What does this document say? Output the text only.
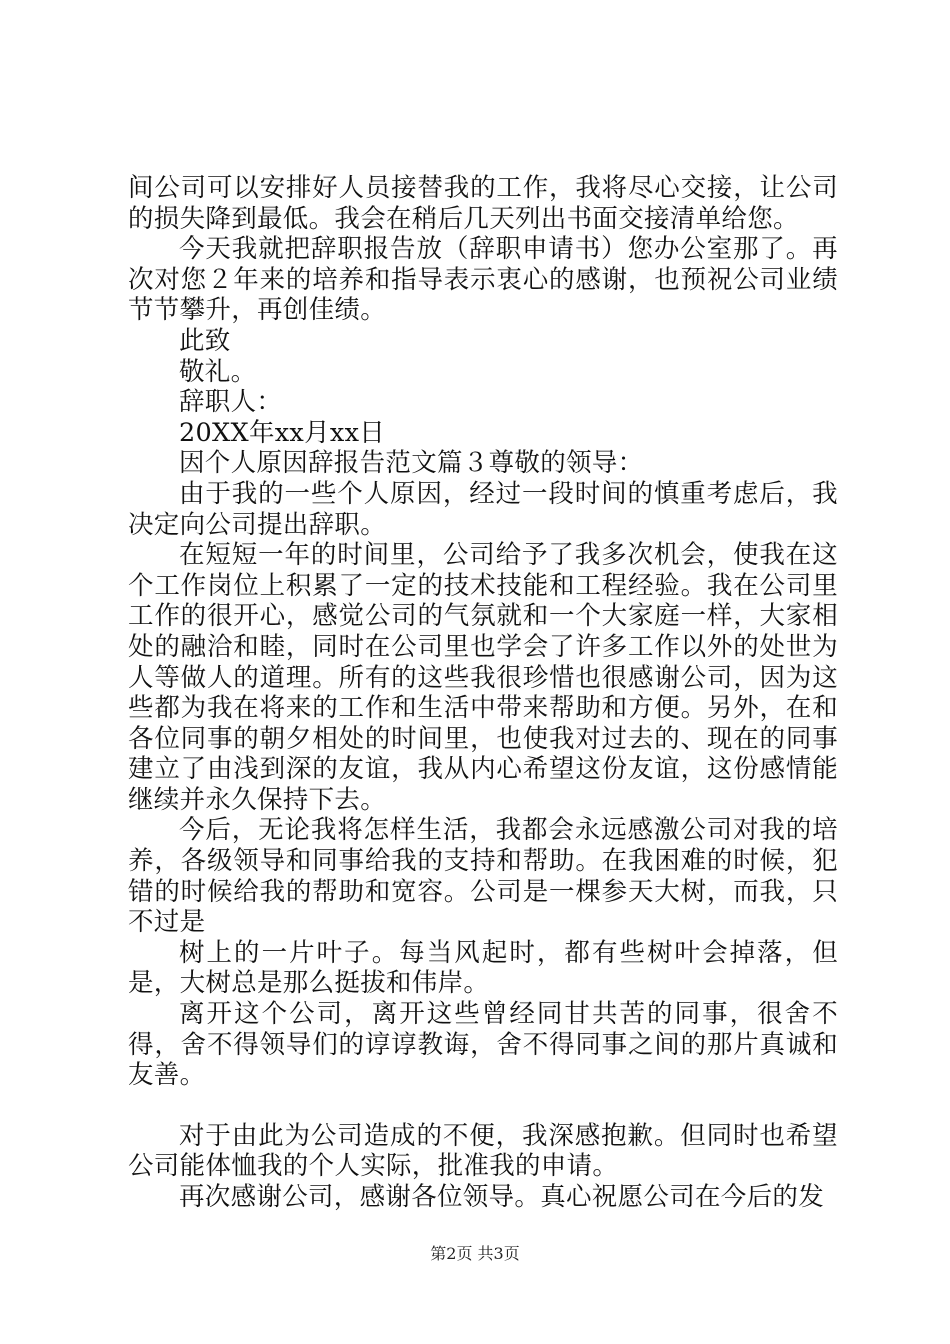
间公司可以安排好人员接替我的工作，我将尽心交接，让公司的损失降到最低。我会在稍后几天列出书面交接清单给您。

今天我就把辞职报告放（辞职申请书）您办公室那了。再次对您２年来的培养和指导表示衷心的感谢，也预祝公司业绩节节攀升，再创佳绩。

此致

敬礼。

辞职人：

20XX年xx月xx日

因个人原因辞报告范文篇３尊敬的领导：

由于我的一些个人原因，经过一段时间的慎重考虑后，我决定向公司提出辞职。

在短短一年的时间里，公司给予了我多次机会，使我在这个工作岗位上积累了一定的技术技能和工程经验。我在公司里工作的很开心，感觉公司的气氛就和一个大家庭一样，大家相处的融洽和睦，同时在公司里也学会了许多工作以外的处世为人等做人的道理。所有的这些我很珍惜也很感谢公司，因为这些都为我在将来的工作和生活中带来帮助和方便。另外，在和各位同事的朝夕相处的时间里，也使我对过去的、现在的同事建立了由浅到深的友谊，我从内心希望这份友谊，这份感情能继续并永久保持下去。

今后，无论我将怎样生活，我都会永远感激公司对我的培养，各级领导和同事给我的支持和帮助。在我困难的时候，犯错的时候给我的帮助和宽容。公司是一棵参天大树，而我，只不过是

树上的一片叶子。每当风起时，都有些树叶会掉落，但是，大树总是那么挺拔和伟岸。

离开这个公司，离开这些曾经同甘共苦的同事，很舍不得，舍不得领导们的谆谆教诲，舍不得同事之间的那片真诚和友善。

对于由此为公司造成的不便，我深感抱歉。但同时也希望公司能体恤我的个人实际，批准我的申请。

再次感谢公司，感谢各位领导。真心祝愿公司在今后的发

第2页 共3页
